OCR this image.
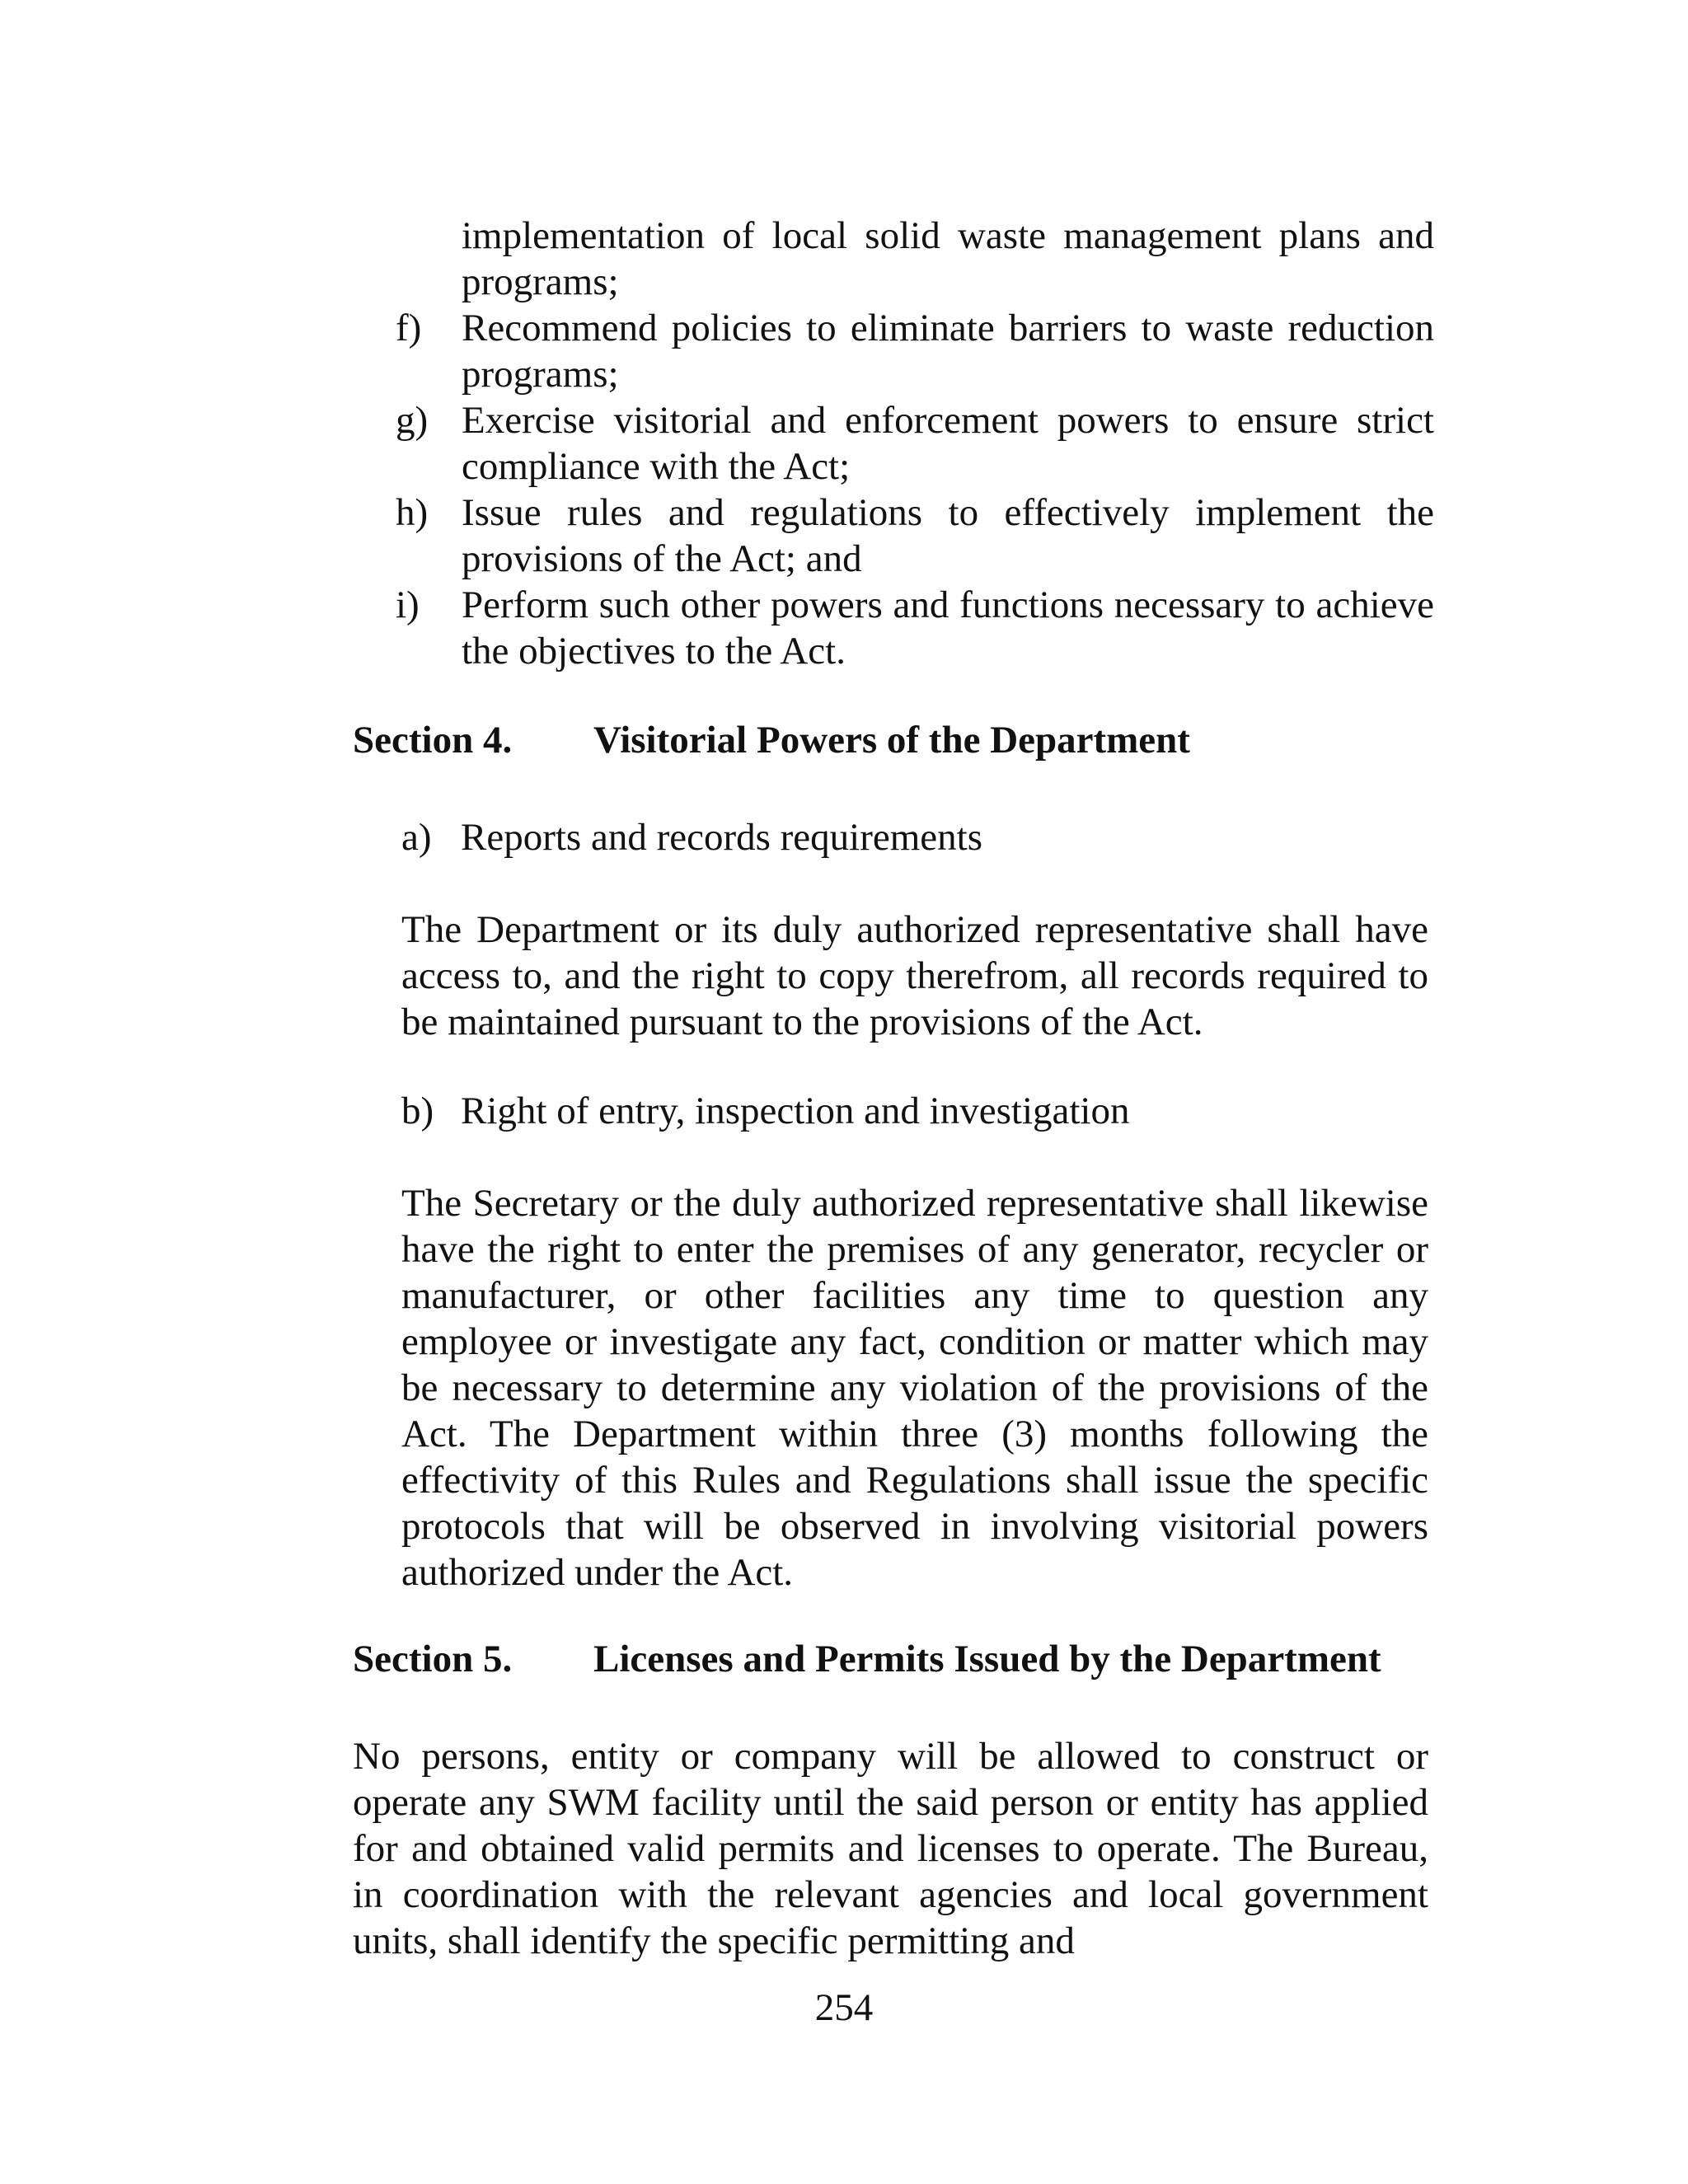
implementation of local solid waste management plans and programs;
f)	Recommend policies to eliminate barriers to waste reduction programs;
g) Exercise visitorial and enforcement powers to ensure strict compliance with the Act;
h) Issue rules and regulations to effectively implement the provisions of the Act; and
i)	Perform such other powers and functions necessary to achieve the objectives to the Act.
Section 4. Visitorial Powers of the Department
a) Reports and records requirements

The Department or its duly authorized representative shall have access to, and the right to copy therefrom, all records required to be maintained pursuant to the provisions of the Act.

b) Right of entry, inspection and investigation

The Secretary or the duly authorized representative shall likewise have the right to enter the premises of any generator, recycler or manufacturer, or other facilities any time to question any employee or investigate any fact, condition or matter which may be necessary to determine any violation of the provisions of the Act. The Department within three (3) months following the effectivity of this Rules and Regulations shall issue the specific protocols that will be observed in involving visitorial powers authorized under the Act.

Section 5. Licenses and Permits Issued by the Department

No persons, entity or company will be allowed to construct or operate any SWM facility until the said person or entity has applied for and obtained valid permits and licenses to operate. The Bureau, in coordination with the relevant agencies and local government units, shall identify the specific permitting and

254
